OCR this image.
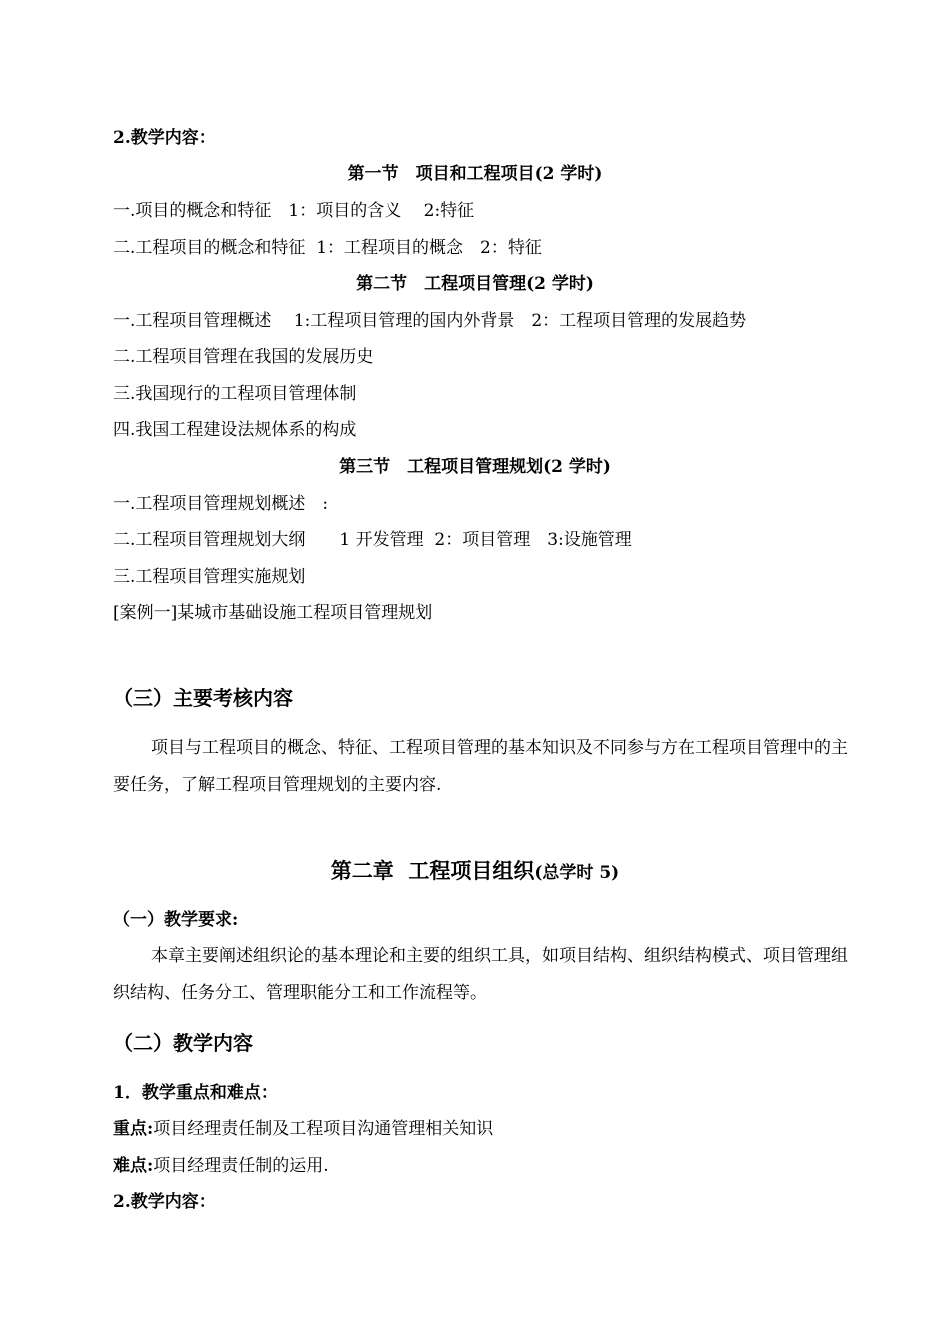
2.教学内容：
第一节　项目和工程项目(2 学时)
一.项目的概念和特征　1：项目的含义　 2:特征
二.工程项目的概念和特征  1：工程项目的概念　2：特征
第二节　工程项目管理(2 学时)
一.工程项目管理概述　 1:工程项目管理的国内外背景　2：工程项目管理的发展趋势
二.工程项目管理在我国的发展历史
三.我国现行的工程项目管理体制
四.我国工程建设法规体系的构成
第三节　工程项目管理规划(2 学时)
一.工程项目管理规划概述　:
二.工程项目管理规划大纲　　1 开发管理  2：项目管理　3:设施管理
三.工程项目管理实施规划
[案例一]某城市基础设施工程项目管理规划
（三）主要考核内容
项目与工程项目的概念、特征、工程项目管理的基本知识及不同参与方在工程项目管理中的主要任务，了解工程项目管理规划的主要内容.
第二章  工程项目组织(总学时 5)
（一）教学要求:
本章主要阐述组织论的基本理论和主要的组织工具，如项目结构、组织结构模式、项目管理组织结构、任务分工、管理职能分工和工作流程等。
（二）教学内容
1．教学重点和难点：
重点:项目经理责任制及工程项目沟通管理相关知识
难点:项目经理责任制的运用.
2.教学内容：
